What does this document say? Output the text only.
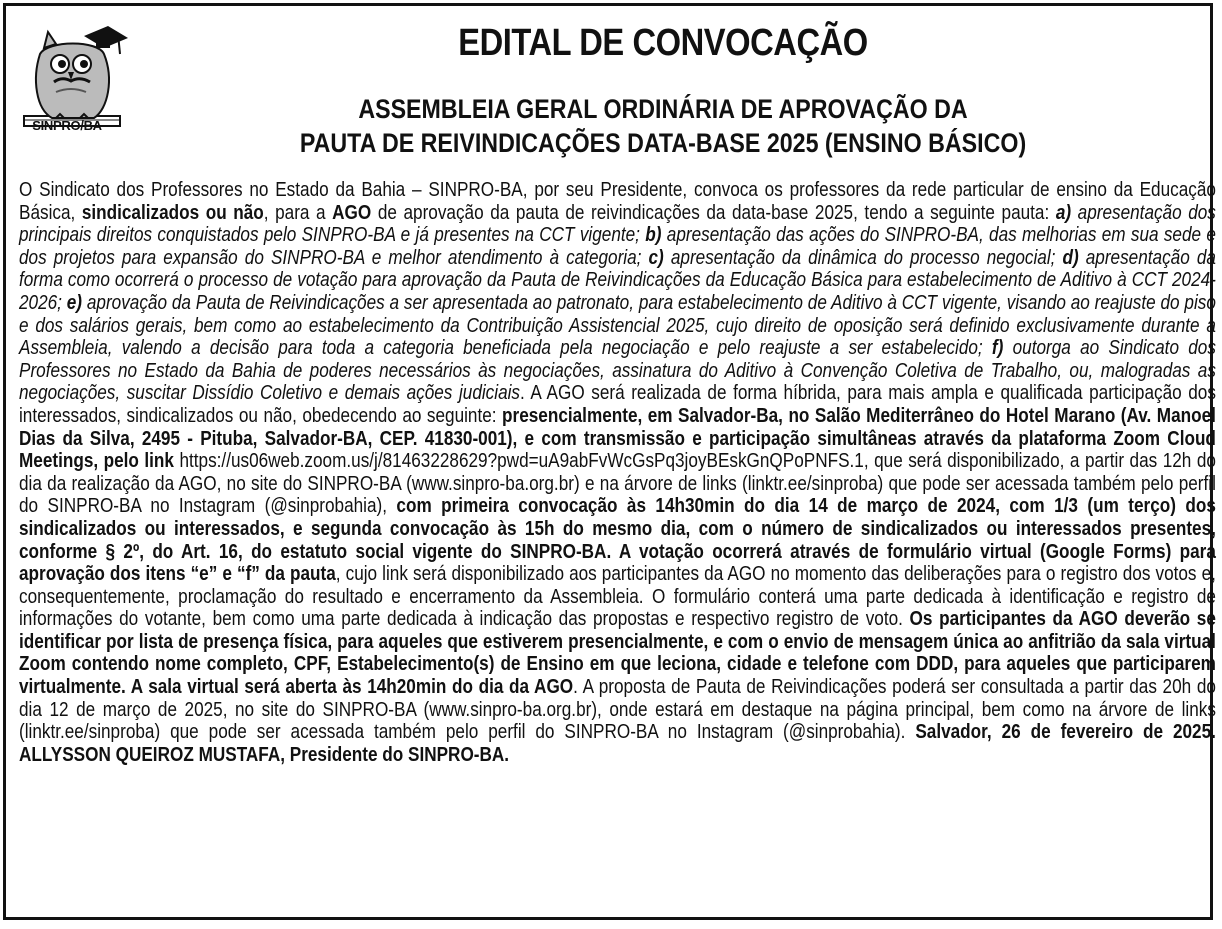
SINPRO/BA
EDITAL DE CONVOCAÇÃO
ASSEMBLEIA GERAL ORDINÁRIA DE APROVAÇÃO DA
PAUTA DE REIVINDICAÇÕES DATA-BASE 2025 (ENSINO BÁSICO)
O Sindicato dos Professores no Estado da Bahia – SINPRO-BA, por seu Presidente, convoca os professores da rede particular de ensino da Educação Básica, sindicalizados ou não, para a AGO de aprovação da pauta de reivindicações da data-base 2025, tendo a seguinte pauta: a) apresentação dos principais direitos conquistados pelo SINPRO-BA e já presentes na CCT vigente; b) apresentação das ações do SINPRO-BA, das melhorias em sua sede e dos projetos para expansão do SINPRO-BA e melhor atendimento à categoria; c) apresentação da dinâmica do processo negocial; d) apresentação da forma como ocorrerá o processo de votação para aprovação da Pauta de Reivindicações da Educação Básica para estabelecimento de Aditivo à CCT 2024-2026; e) aprovação da Pauta de Reivindicações a ser apresentada ao patronato, para estabelecimento de Aditivo à CCT vigente, visando ao reajuste do piso e dos salários gerais, bem como ao estabelecimento da Contribuição Assistencial 2025, cujo direito de oposição será definido exclusivamente durante a Assembleia, valendo a decisão para toda a categoria beneficiada pela negociação e pelo reajuste a ser estabelecido; f) outorga ao Sindicato dos Professores no Estado da Bahia de poderes necessários às negociações, assinatura do Aditivo à Convenção Coletiva de Trabalho, ou, malogradas as negociações, suscitar Dissídio Coletivo e demais ações judiciais. A AGO será realizada de forma híbrida, para mais ampla e qualificada participação dos interessados, sindicalizados ou não, obedecendo ao seguinte: presencialmente, em Salvador-Ba, no Salão Mediterrâneo do Hotel Marano (Av. Manoel Dias da Silva, 2495 - Pituba, Salvador-BA, CEP. 41830-001), e com transmissão e participação simultâneas através da plataforma Zoom Cloud Meetings, pelo link https://us06web.zoom.us/j/81463228629?pwd=uA9abFvWcGsPq3joyBEskGnQPoPNFS.1, que será disponibilizado, a partir das 12h do dia da realização da AGO, no site do SINPRO-BA (www.sinpro-ba.org.br) e na árvore de links (linktr.ee/sinproba) que pode ser acessada também pelo perfil do SINPRO-BA no Instagram (@sinprobahia), com primeira convocação às 14h30min do dia 14 de março de 2024, com 1/3 (um terço) dos sindicalizados ou interessados, e segunda convocação às 15h do mesmo dia, com o número de sindicalizados ou interessados presentes, conforme § 2º, do Art. 16, do estatuto social vigente do SINPRO-BA. A votação ocorrerá através de formulário virtual (Google Forms) para aprovação dos itens “e” e “f” da pauta, cujo link será disponibilizado aos participantes da AGO no momento das deliberações para o registro dos votos e, consequentemente, proclamação do resultado e encerramento da Assembleia. O formulário conterá uma parte dedicada à identificação e registro de informações do votante, bem como uma parte dedicada à indicação das propostas e respectivo registro de voto. Os participantes da AGO deverão se identificar por lista de presença física, para aqueles que estiverem presencialmente, e com o envio de mensagem única ao anfitrião da sala virtual Zoom contendo nome completo, CPF, Estabelecimento(s) de Ensino em que leciona, cidade e telefone com DDD, para aqueles que participarem virtualmente. A sala virtual será aberta às 14h20min do dia da AGO. A proposta de Pauta de Reivindicações poderá ser consultada a partir das 20h do dia 12 de março de 2025, no site do SINPRO-BA (www.sinpro-ba.org.br), onde estará em destaque na página principal, bem como na árvore de links (linktr.ee/sinproba) que pode ser acessada também pelo perfil do SINPRO-BA no Instagram (@sinprobahia). Salvador, 26 de fevereiro de 2025. ALLYSSON QUEIROZ MUSTAFA, Presidente do SINPRO-BA.
